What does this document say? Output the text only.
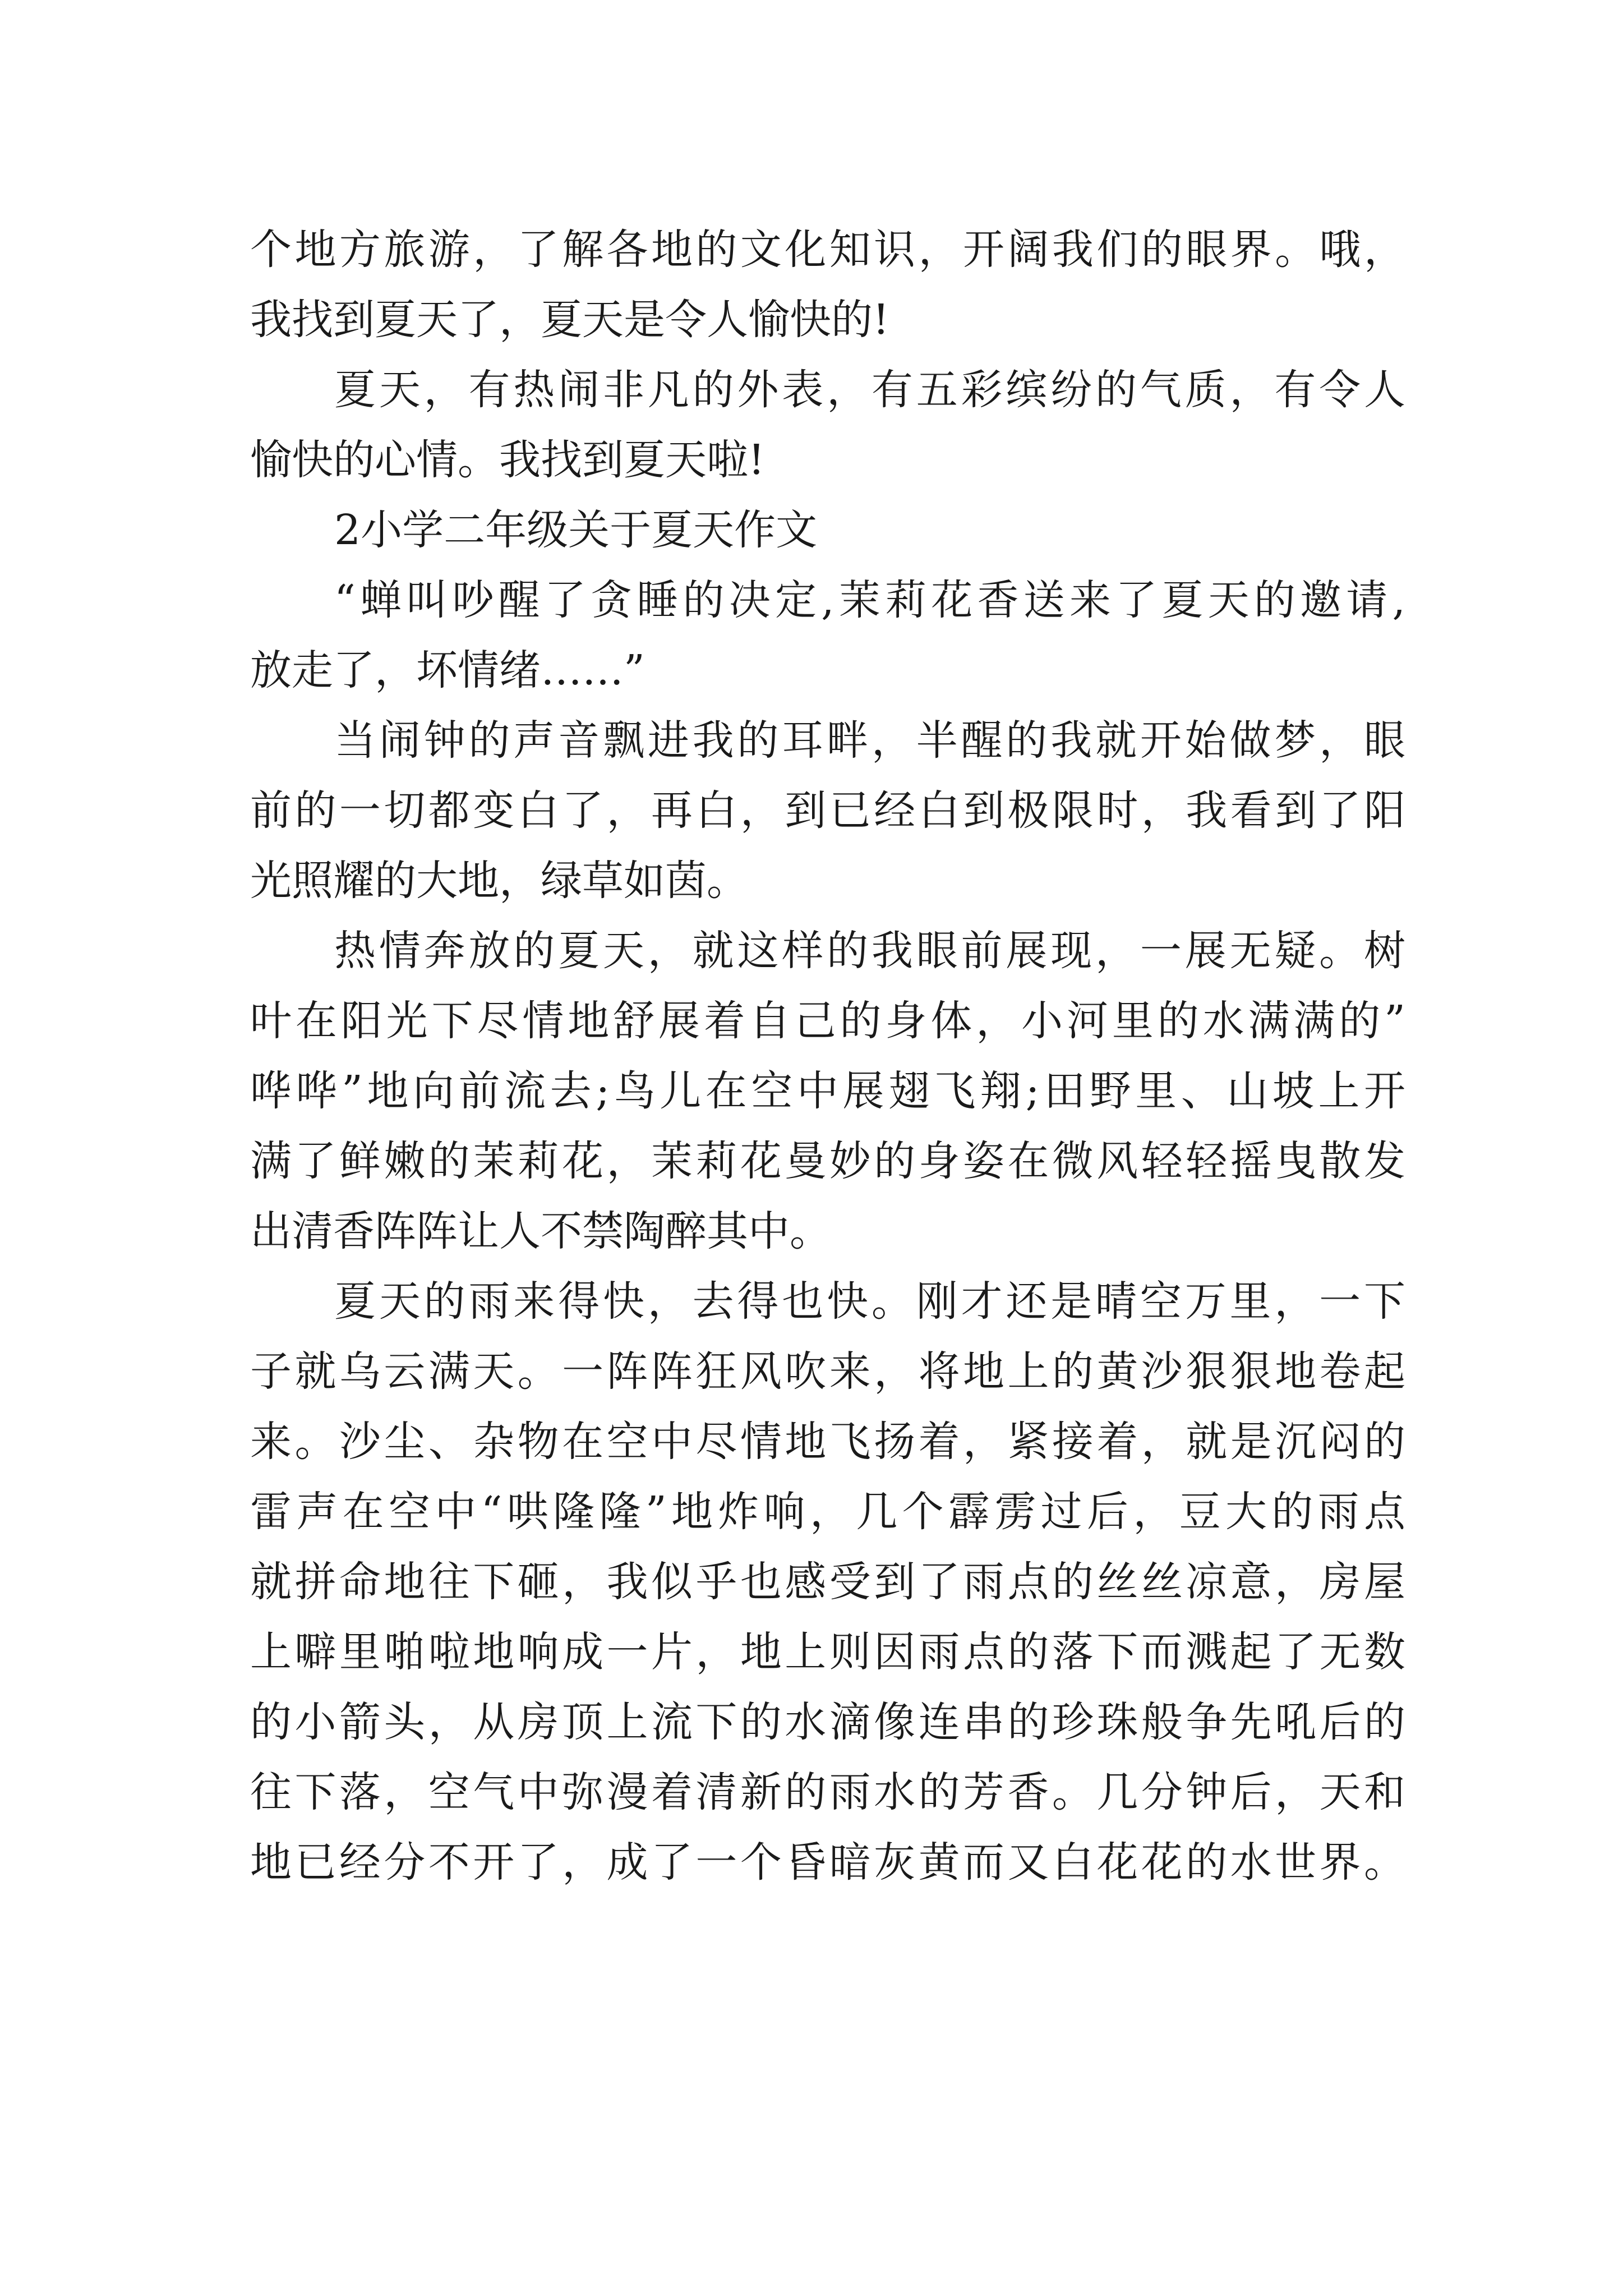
个地方旅游，了解各地的文化知识，开阔我们的眼界。哦，
我找到夏天了，夏天是令人愉快的!
夏天，有热闹非凡的外表，有五彩缤纷的气质，有令人
愉快的心情。我找到夏天啦!
2小学二年级关于夏天作文
“蝉叫吵醒了贪睡的决定,茉莉花香送来了夏天的邀请,
放走了，坏情绪……”
当闹钟的声音飘进我的耳畔，半醒的我就开始做梦，眼
前的一切都变白了，再白，到已经白到极限时，我看到了阳
光照耀的大地，绿草如茵。
热情奔放的夏天，就这样的我眼前展现，一展无疑。树
叶在阳光下尽情地舒展着自己的身体，小河里的水满满的”
哗哗”地向前流去;鸟儿在空中展翅飞翔;田野里、山坡上开
满了鲜嫩的茉莉花，茉莉花曼妙的身姿在微风轻轻摇曳散发
出清香阵阵让人不禁陶醉其中。
夏天的雨来得快，去得也快。刚才还是晴空万里，一下
子就乌云满天。一阵阵狂风吹来，将地上的黄沙狠狠地卷起
来。沙尘、杂物在空中尽情地飞扬着，紧接着，就是沉闷的
雷声在空中“哄隆隆”地炸响，几个霹雳过后，豆大的雨点
就拼命地往下砸，我似乎也感受到了雨点的丝丝凉意，房屋
上噼里啪啦地响成一片，地上则因雨点的落下而溅起了无数
的小箭头，从房顶上流下的水滴像连串的珍珠般争先吼后的
往下落，空气中弥漫着清新的雨水的芳香。几分钟后，天和
地已经分不开了，成了一个昏暗灰黄而又白花花的水世界。
